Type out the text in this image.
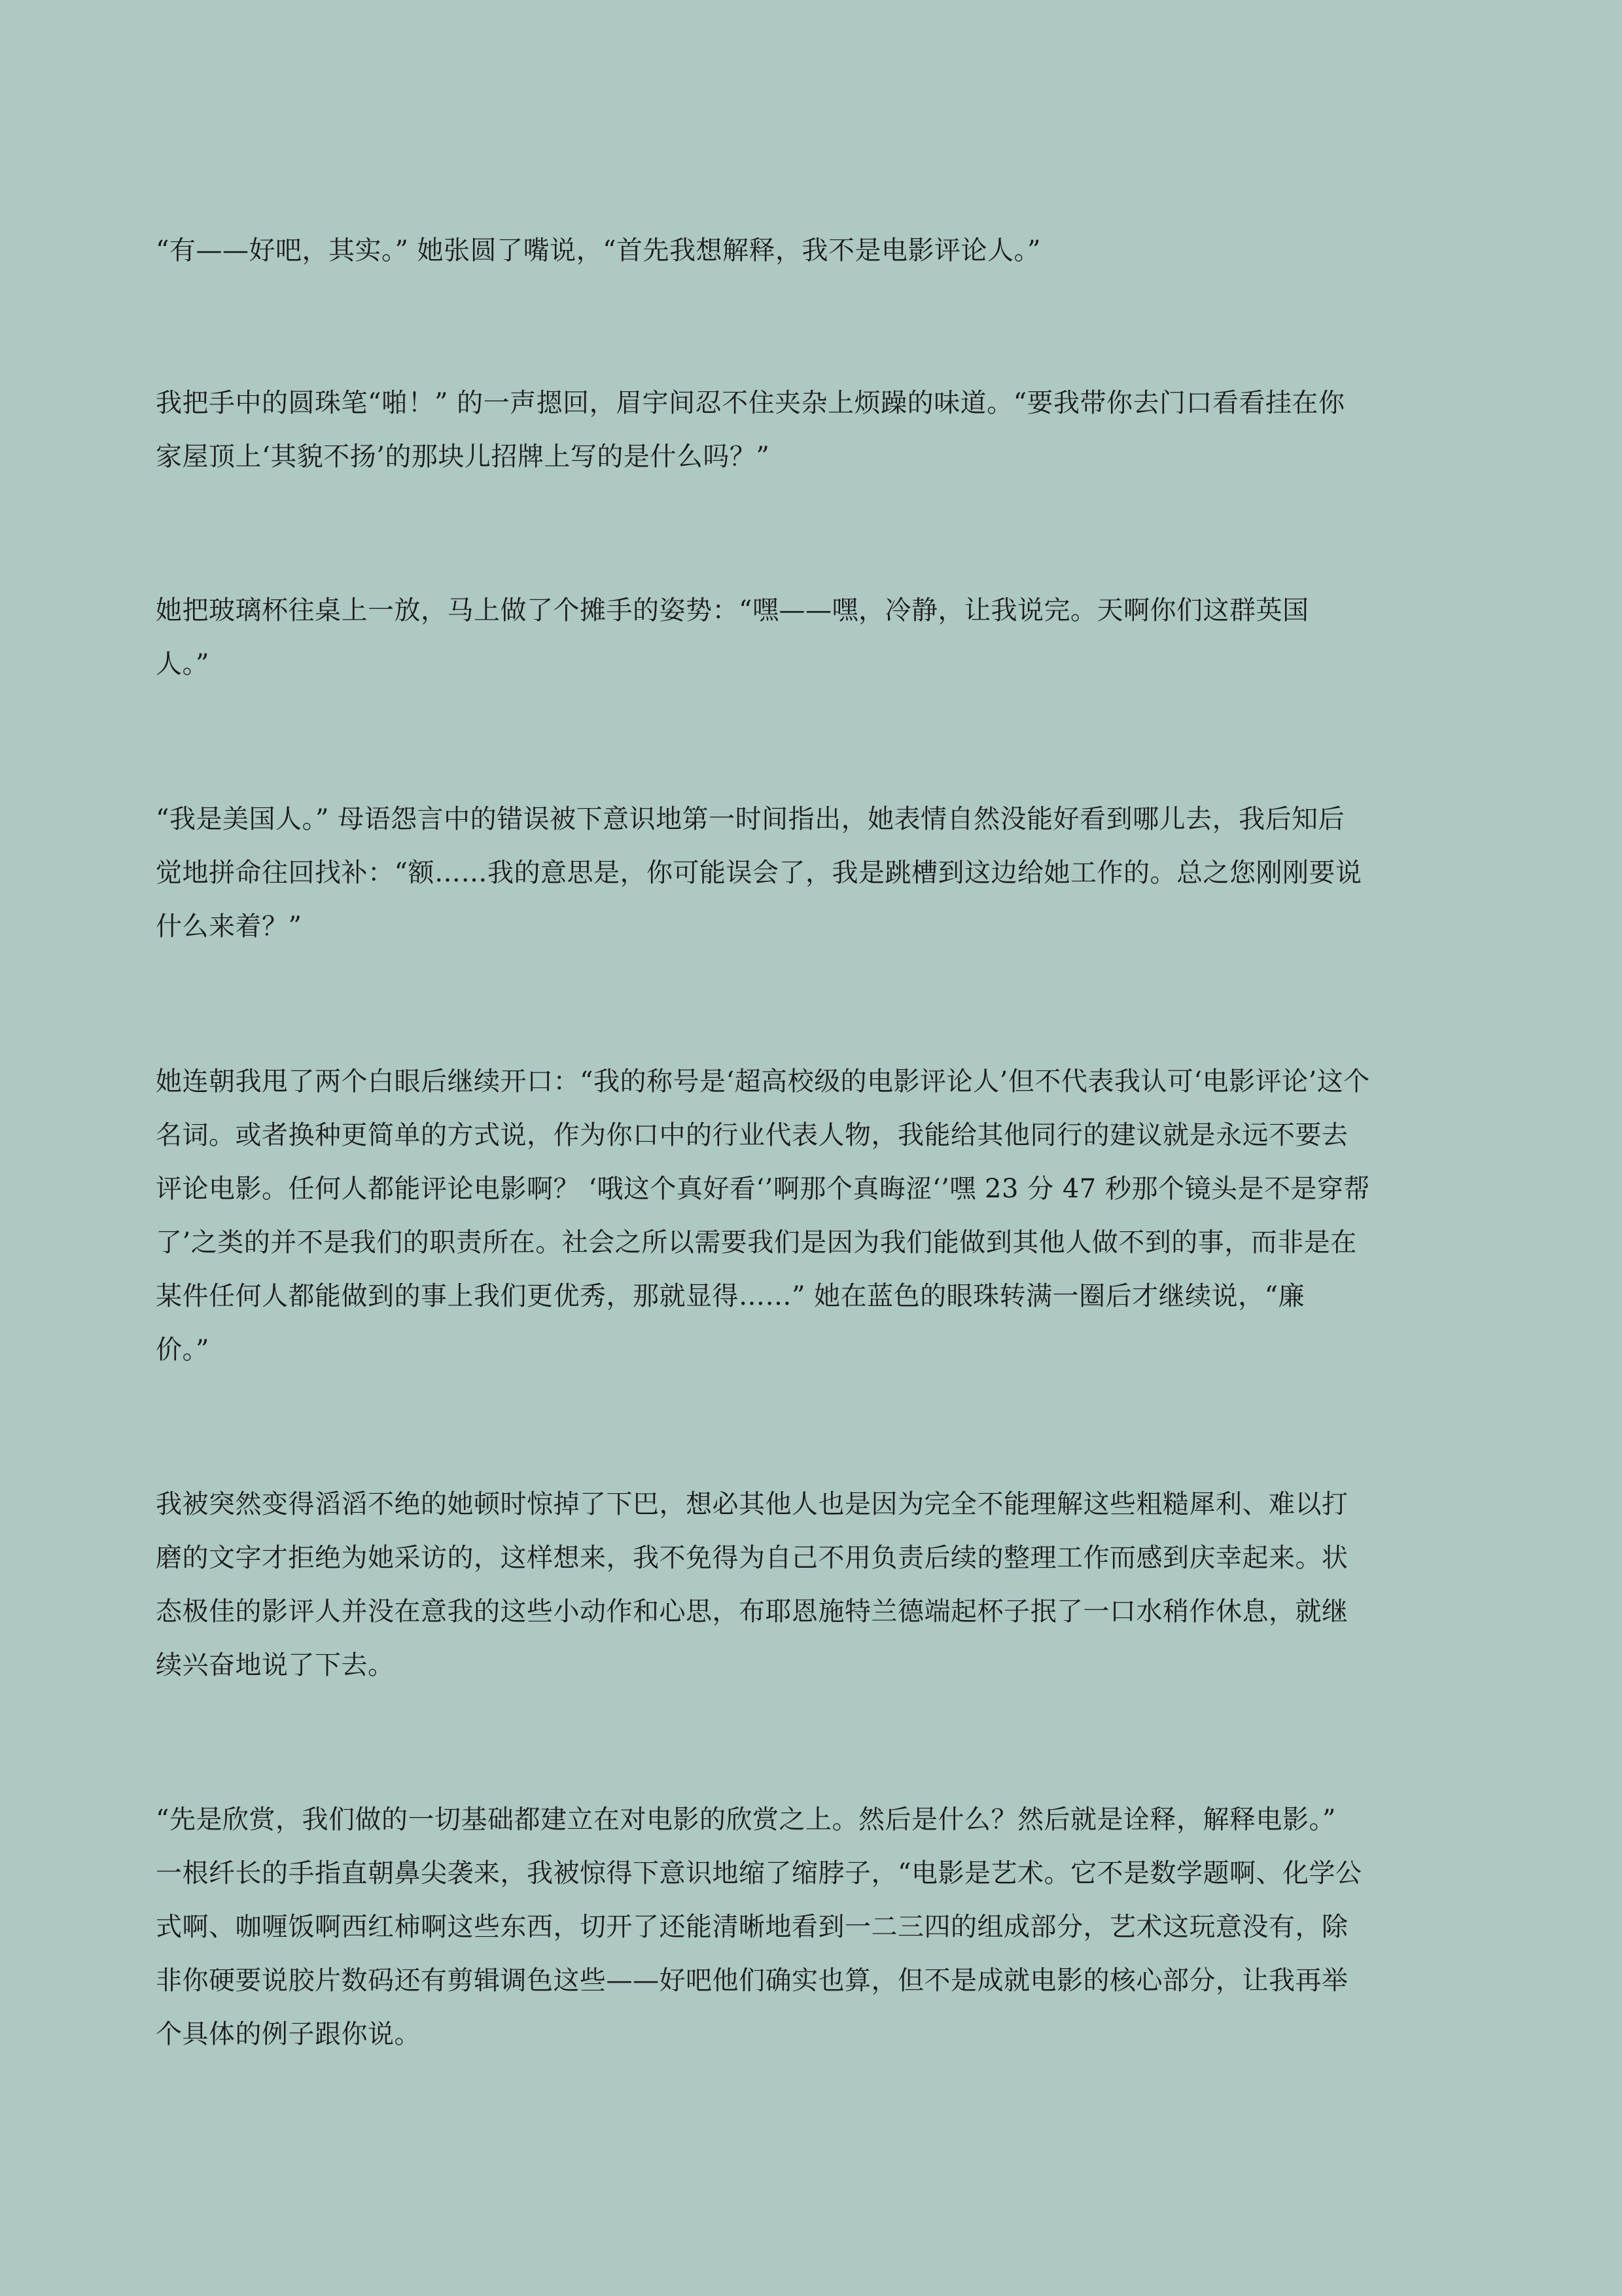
“有——好吧，其实。” 她张圆了嘴说，“首先我想解释，我不是电影评论人。”
我把手中的圆珠笔“啪！” 的一声摁回，眉宇间忍不住夹杂上烦躁的味道。“要我带你去门口看看挂在你
家屋顶上‘其貌不扬’的那块儿招牌上写的是什么吗？”
她把玻璃杯往桌上一放，马上做了个摊手的姿势：“嘿——嘿，冷静，让我说完。天啊你们这群英国
人。”
“我是美国人。” 母语怨言中的错误被下意识地第一时间指出，她表情自然没能好看到哪儿去，我后知后
觉地拼命往回找补：“额……我的意思是，你可能误会了，我是跳槽到这边给她工作的。总之您刚刚要说
什么来着？”
她连朝我甩了两个白眼后继续开口：“我的称号是‘超高校级的电影评论人’但不代表我认可‘电影评论’这个
名词。或者换种更简单的方式说，作为你口中的行业代表人物，我能给其他同行的建议就是永远不要去
评论电影。任何人都能评论电影啊？ ‘哦这个真好看‘’啊那个真晦涩‘’嘿 23 分 47 秒那个镜头是不是穿帮
了’之类的并不是我们的职责所在。社会之所以需要我们是因为我们能做到其他人做不到的事，而非是在
某件任何人都能做到的事上我们更优秀，那就显得……” 她在蓝色的眼珠转满一圈后才继续说，“廉
价。”
我被突然变得滔滔不绝的她顿时惊掉了下巴，想必其他人也是因为完全不能理解这些粗糙犀利、难以打
磨的文字才拒绝为她采访的，这样想来，我不免得为自己不用负责后续的整理工作而感到庆幸起来。状
态极佳的影评人并没在意我的这些小动作和心思，布耶恩施特兰德端起杯子抿了一口水稍作休息，就继
续兴奋地说了下去。
“先是欣赏，我们做的一切基础都建立在对电影的欣赏之上。然后是什么？然后就是诠释，解释电影。”
一根纤长的手指直朝鼻尖袭来，我被惊得下意识地缩了缩脖子，“电影是艺术。它不是数学题啊、化学公
式啊、咖喱饭啊西红柿啊这些东西，切开了还能清晰地看到一二三四的组成部分，艺术这玩意没有，除
非你硬要说胶片数码还有剪辑调色这些——好吧他们确实也算，但不是成就电影的核心部分，让我再举
个具体的例子跟你说。
